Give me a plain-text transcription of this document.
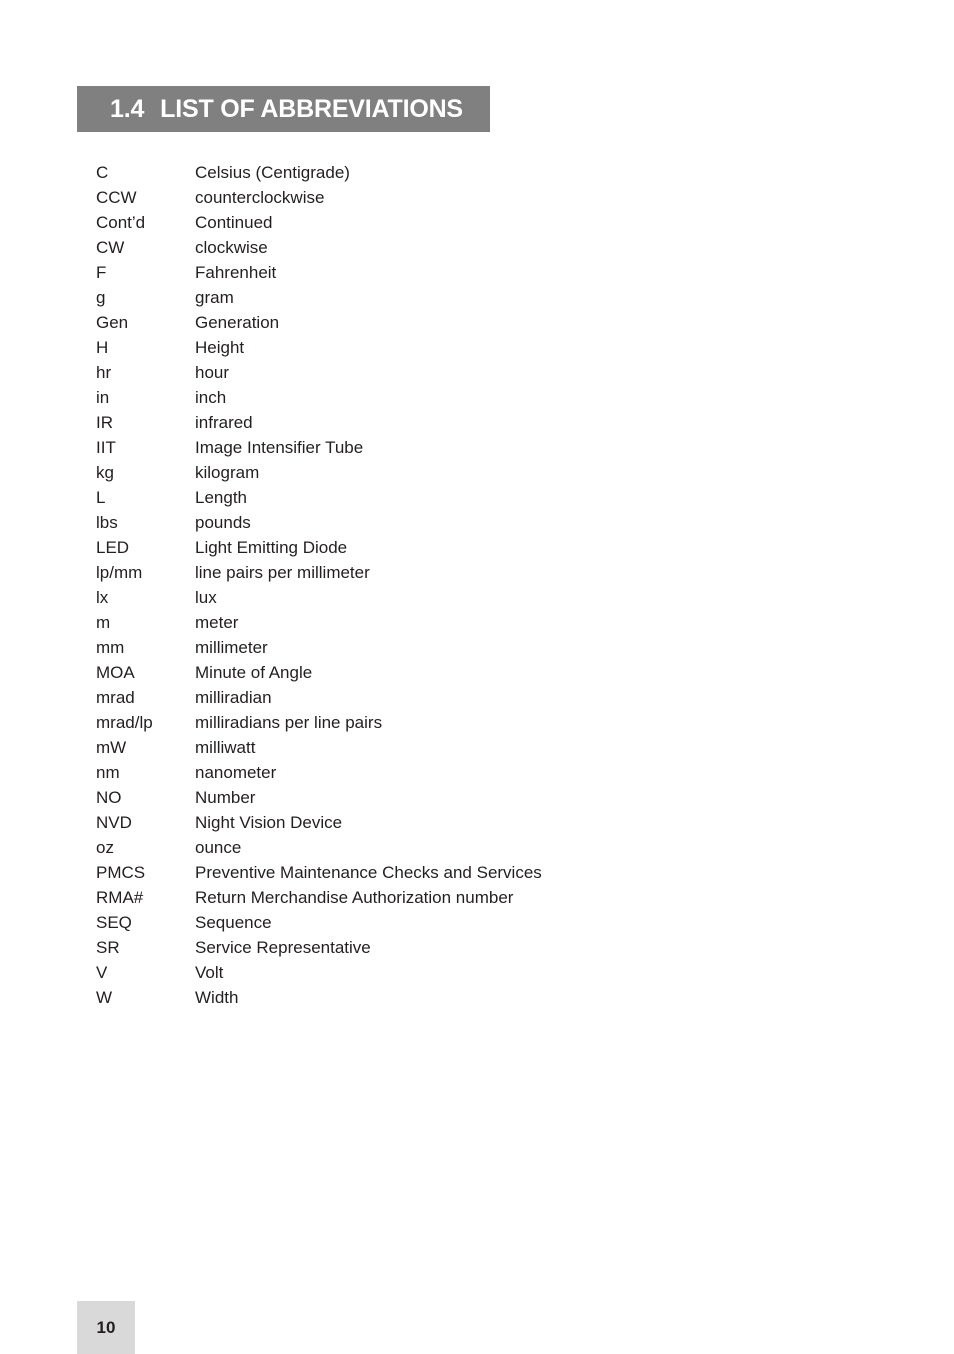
1.4 LIST OF ABBREVIATIONS
C	Celsius (Centigrade)
CCW	counterclockwise
Cont’d	Continued
CW	clockwise
F	Fahrenheit
g	gram
Gen	Generation
H	Height
hr	hour
in	inch
IR	infrared
IIT	Image Intensifier Tube
kg	kilogram
L	Length
lbs	pounds
LED	Light Emitting Diode
lp/mm	line pairs per millimeter
lx	lux
m	meter
mm	millimeter
MOA	Minute of Angle
mrad	milliradian
mrad/lp	milliradians per line pairs
mW	milliwatt
nm	nanometer
NO	Number
NVD	Night Vision Device
oz	ounce
PMCS	Preventive Maintenance Checks and Services
RMA#	Return Merchandise Authorization number
SEQ	Sequence
SR	Service Representative
V	Volt
W	Width
10
